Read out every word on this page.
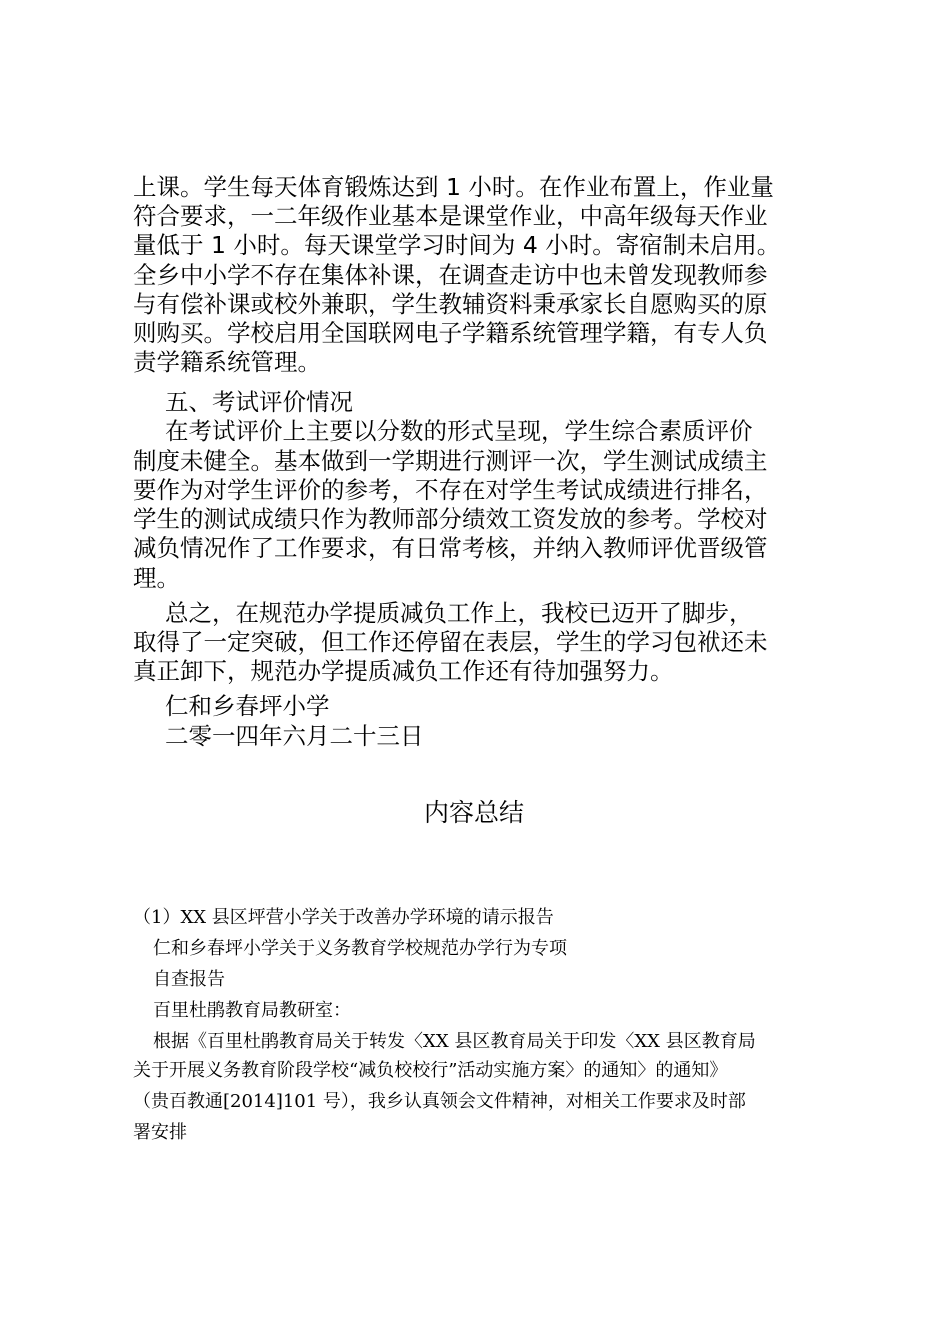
上课。学生每天体育锻炼达到 1 小时。在作业布置上，作业量
符合要求，一二年级作业基本是课堂作业，中高年级每天作业
量低于 1 小时。每天课堂学习时间为 4 小时。寄宿制未启用。
全乡中小学不存在集体补课，在调查走访中也未曾发现教师参
与有偿补课或校外兼职，学生教辅资料秉承家长自愿购买的原
则购买。学校启用全国联网电子学籍系统管理学籍，有专人负
责学籍系统管理。
五、考试评价情况
在考试评价上主要以分数的形式呈现，学生综合素质评价
制度未健全。基本做到一学期进行测评一次，学生测试成绩主
要作为对学生评价的参考，不存在对学生考试成绩进行排名，
学生的测试成绩只作为教师部分绩效工资发放的参考。学校对
减负情况作了工作要求，有日常考核，并纳入教师评优晋级管
理。
总之，在规范办学提质减负工作上，我校已迈开了脚步，
取得了一定突破，但工作还停留在表层，学生的学习包袱还未
真正卸下，规范办学提质减负工作还有待加强努力。
仁和乡春坪小学
二零一四年六月二十三日
内容总结
（1）XX 县区坪营小学关于改善办学环境的请示报告
仁和乡春坪小学关于义务教育学校规范办学行为专项
自查报告
百里杜鹃教育局教研室：
根据《百里杜鹃教育局关于转发〈XX 县区教育局关于印发〈XX 县区教育局
关于开展义务教育阶段学校“减负校校行”活动实施方案〉的通知〉的通知》
（贵百教通[2014]101 号），我乡认真领会文件精神，对相关工作要求及时部
署安排
